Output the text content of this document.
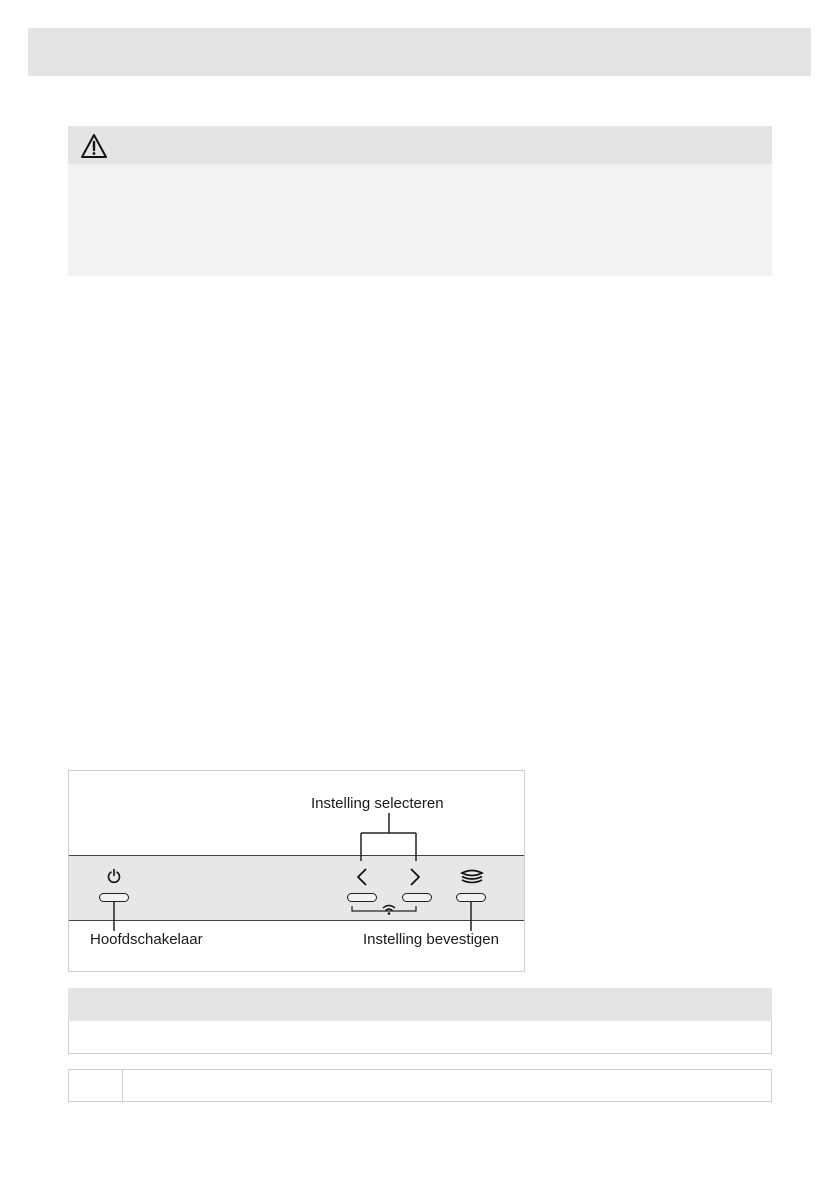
Instelling selecteren
Hoofdschakelaar	Instelling bevestigen
